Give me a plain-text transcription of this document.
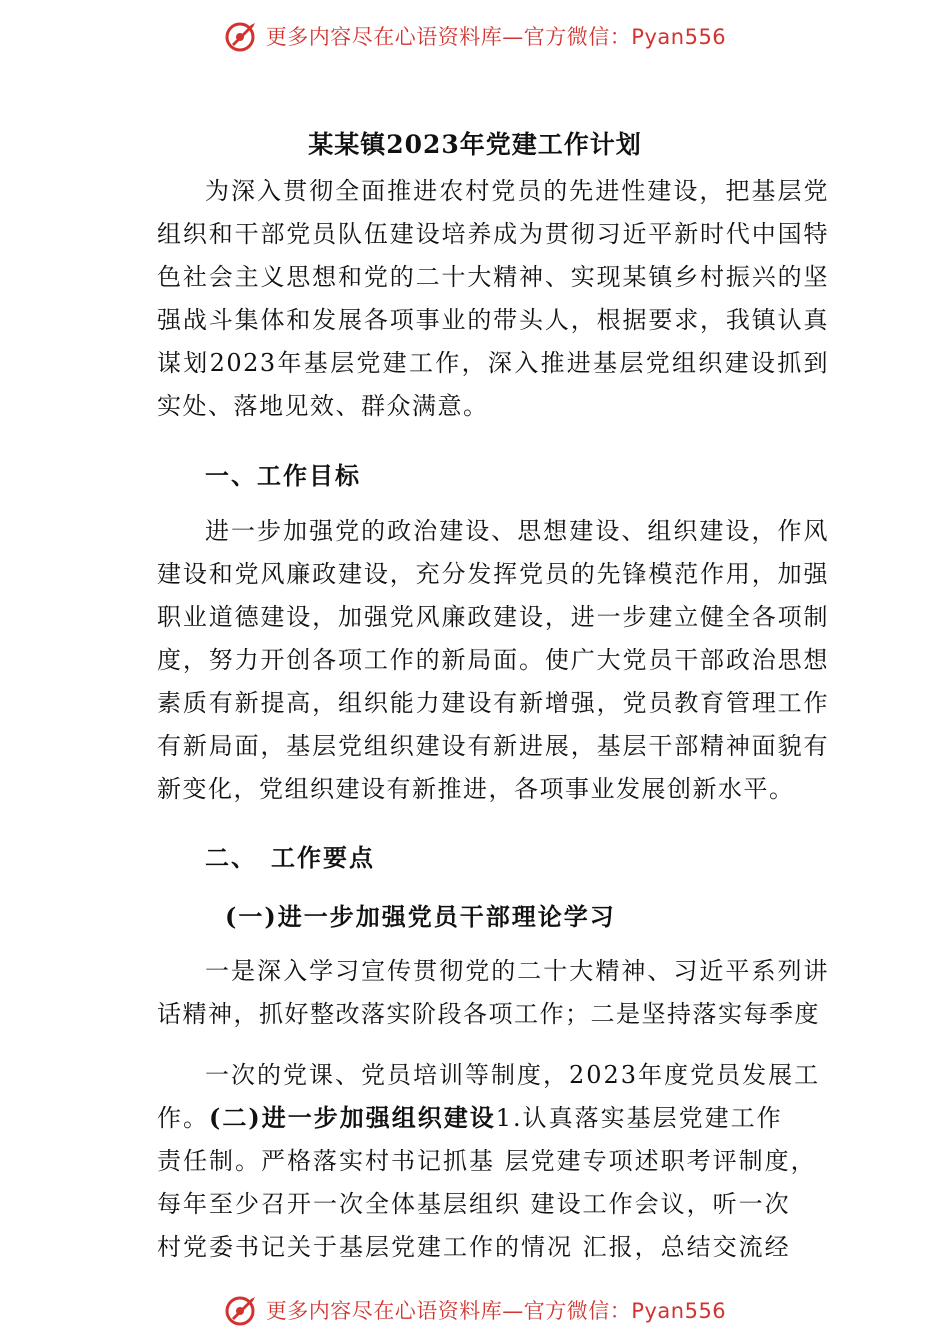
更多内容尽在心语资料库—官方微信：Pyan556
某某镇2023年党建工作计划

为深入贯彻全面推进农村党员的先进性建设，把基层党组织和干部党员队伍建设培养成为贯彻习近平新时代中国特色社会主义思想和党的二十大精神、实现某镇乡村振兴的坚强战斗集体和发展各项事业的带头人，根据要求，我镇认真谋划2023年基层党建工作，深入推进基层党组织建设抓到实处、落地见效、群众满意。

一、工作目标

进一步加强党的政治建设、思想建设、组织建设，作风建设和党风廉政建设，充分发挥党员的先锋模范作用，加强职业道德建设，加强党风廉政建设，进一步建立健全各项制度，努力开创各项工作的新局面。使广大党员干部政治思想素质有新提高，组织能力建设有新增强，党员教育管理工作有新局面，基层党组织建设有新进展，基层干部精神面貌有新变化，党组织建设有新推进，各项事业发展创新水平。

二、　工作要点
(一)进一步加强党员干部理论学习

一是深入学习宣传贯彻党的二十大精神、习近平系列讲话精神，抓好整改落实阶段各项工作；二是坚持落实每季度

一次的党课、党员培训等制度，2023年度党员发展工
作。(二)进一步加强组织建设1.认真落实基层党建工作
责任制。严格落实村书记抓基 层党建专项述职考评制度，
每年至少召开一次全体基层组织 建设工作会议，听一次
村党委书记关于基层党建工作的情况 汇报，总结交流经
更多内容尽在心语资料库—官方微信：Pyan556
